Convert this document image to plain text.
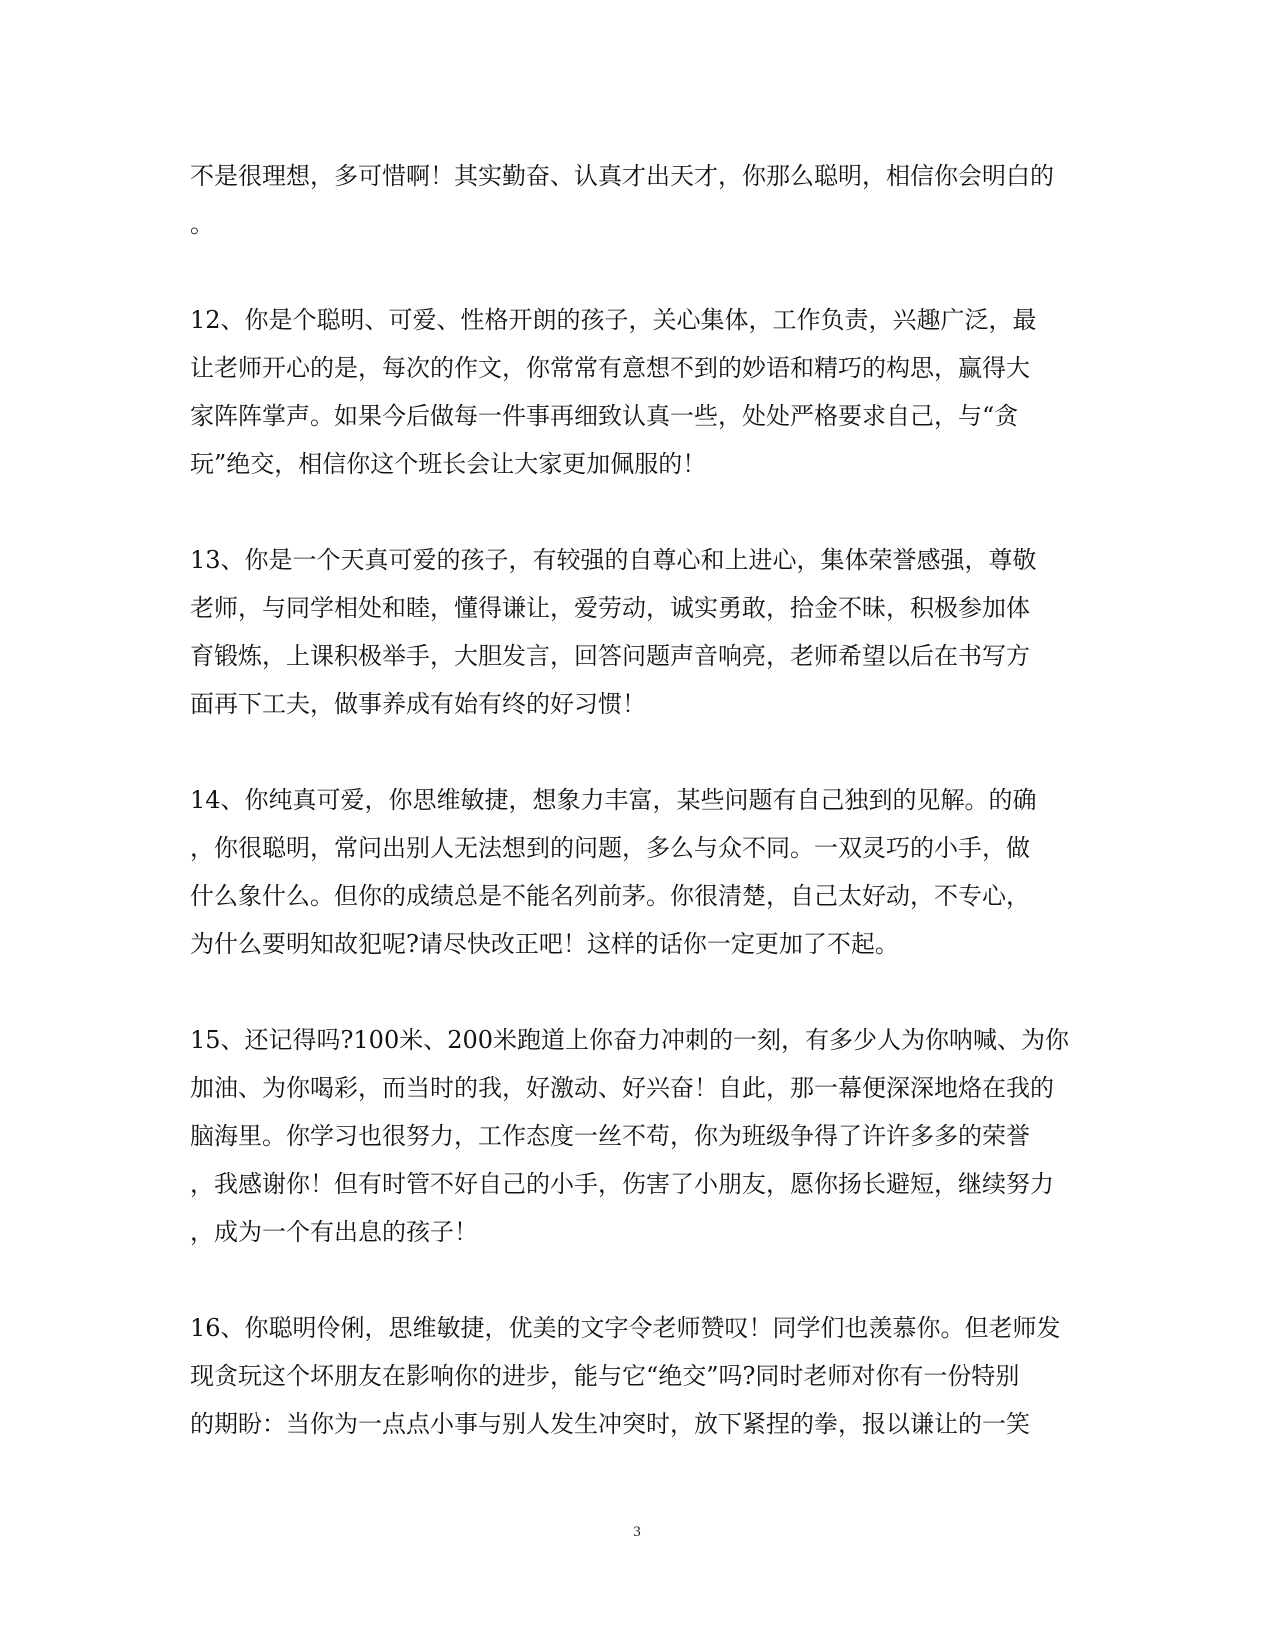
不是很理想，多可惜啊！其实勤奋、认真才出天才，你那么聪明，相信你会明白的
。
12、你是个聪明、可爱、性格开朗的孩子，关心集体，工作负责，兴趣广泛，最
让老师开心的是，每次的作文，你常常有意想不到的妙语和精巧的构思，赢得大
家阵阵掌声。如果今后做每一件事再细致认真一些，处处严格要求自己，与“贪
玩”绝交，相信你这个班长会让大家更加佩服的！
13、你是一个天真可爱的孩子，有较强的自尊心和上进心，集体荣誉感强，尊敬
老师，与同学相处和睦，懂得谦让，爱劳动，诚实勇敢，拾金不昧，积极参加体
育锻炼，上课积极举手，大胆发言，回答问题声音响亮，老师希望以后在书写方
面再下工夫，做事养成有始有终的好习惯！
14、你纯真可爱，你思维敏捷，想象力丰富，某些问题有自己独到的见解。的确
，你很聪明，常问出别人无法想到的问题，多么与众不同。一双灵巧的小手，做
什么象什么。但你的成绩总是不能名列前茅。你很清楚，自己太好动，不专心，
为什么要明知故犯呢?请尽快改正吧！这样的话你一定更加了不起。
15、还记得吗?100米、200米跑道上你奋力冲刺的一刻，有多少人为你呐喊、为你
加油、为你喝彩，而当时的我，好激动、好兴奋！自此，那一幕便深深地烙在我的
脑海里。你学习也很努力，工作态度一丝不苟，你为班级争得了许许多多的荣誉
，我感谢你！但有时管不好自己的小手，伤害了小朋友，愿你扬长避短，继续努力
，成为一个有出息的孩子！
16、你聪明伶俐，思维敏捷，优美的文字令老师赞叹！同学们也羡慕你。但老师发
现贪玩这个坏朋友在影响你的进步，能与它“绝交”吗?同时老师对你有一份特别
的期盼：当你为一点点小事与别人发生冲突时，放下紧捏的拳，报以谦让的一笑
3
